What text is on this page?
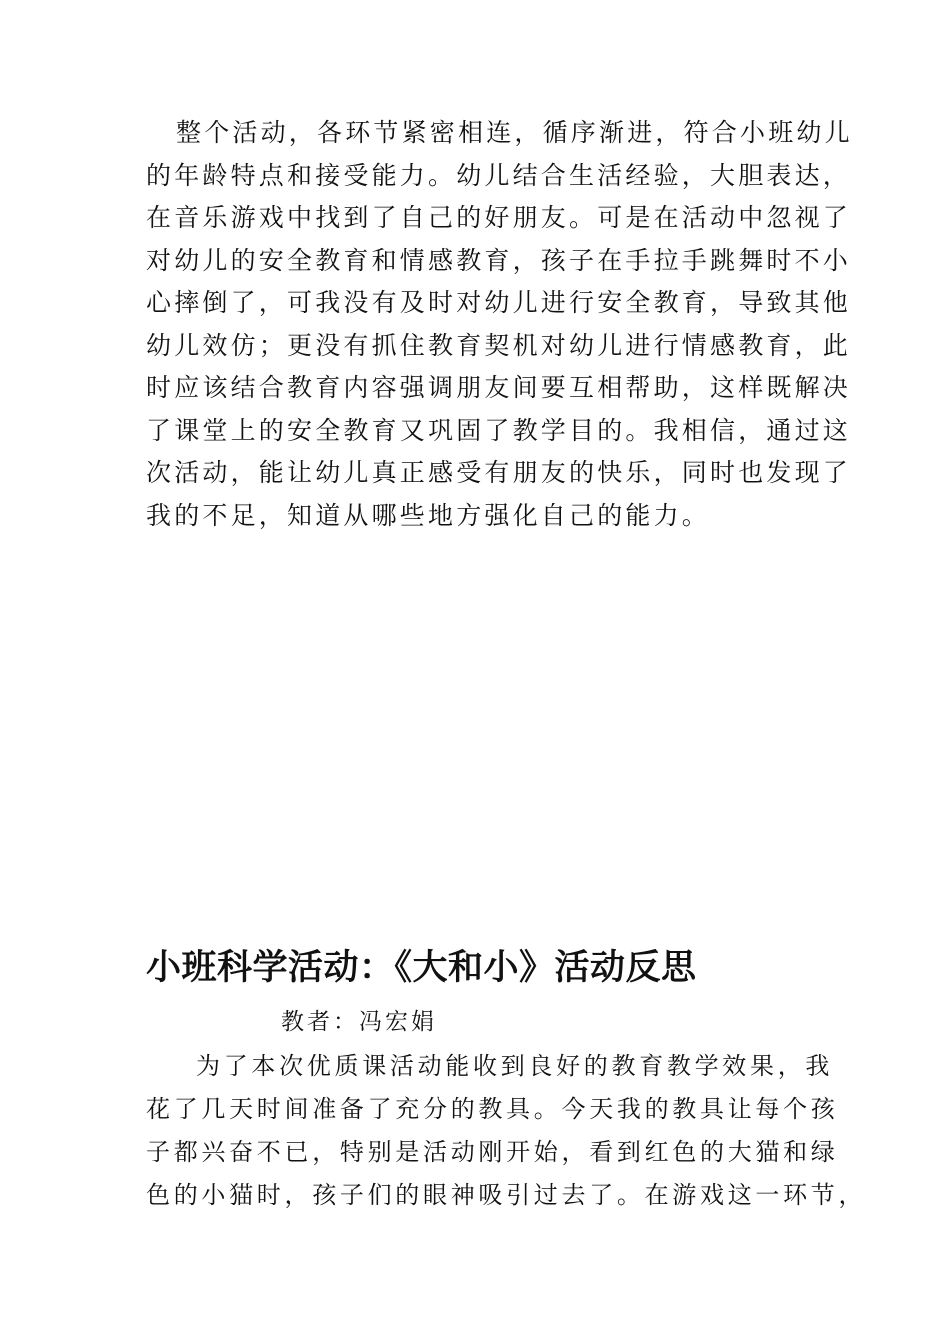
整个活动，各环节紧密相连，循序渐进，符合小班幼儿
的年龄特点和接受能力。幼儿结合生活经验，大胆表达，
在音乐游戏中找到了自己的好朋友。可是在活动中忽视了
对幼儿的安全教育和情感教育，孩子在手拉手跳舞时不小
心摔倒了，可我没有及时对幼儿进行安全教育，导致其他
幼儿效仿；更没有抓住教育契机对幼儿进行情感教育，此
时应该结合教育内容强调朋友间要互相帮助，这样既解决
了课堂上的安全教育又巩固了教学目的。我相信，通过这
次活动，能让幼儿真正感受有朋友的快乐，同时也发现了
我的不足，知道从哪些地方强化自己的能力。
小班科学活动：《大和小》活动反思
教者：冯宏娟
为了本次优质课活动能收到良好的教育教学效果，我
花了几天时间准备了充分的教具。今天我的教具让每个孩
子都兴奋不已，特别是活动刚开始，看到红色的大猫和绿
色的小猫时，孩子们的眼神吸引过去了。在游戏这一环节，
